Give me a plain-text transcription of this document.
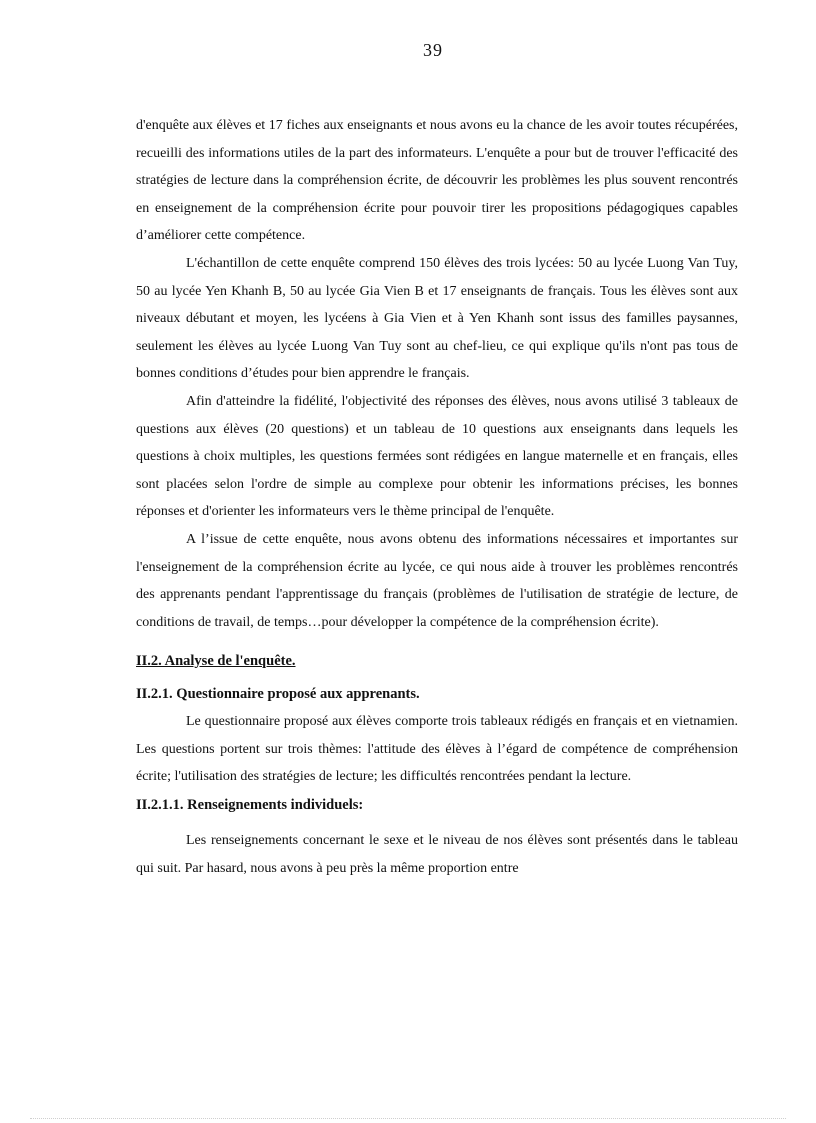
39

d'enquête aux élèves et 17 fiches aux enseignants et nous avons eu la chance de les avoir toutes récupérées, recueilli des informations utiles de la part des informateurs. L'enquête a pour but de trouver l'efficacité des stratégies de lecture dans la compréhension écrite, de découvrir les problèmes les plus souvent rencontrés en enseignement de la compréhension écrite pour pouvoir tirer les propositions pédagogiques capables d’améliorer cette compétence.

L'échantillon de cette enquête comprend 150 élèves des trois lycées: 50 au lycée Luong Van Tuy, 50 au lycée Yen Khanh B, 50 au lycée Gia Vien B et 17 enseignants de français. Tous les élèves sont aux niveaux débutant et moyen, les lycéens à Gia Vien et à Yen Khanh sont issus des familles paysannes, seulement les élèves au lycée Luong Van Tuy sont au chef-lieu, ce qui explique qu'ils n'ont pas tous de bonnes conditions d’études pour bien apprendre le français.

Afin d'atteindre la fidélité, l'objectivité des réponses des élèves, nous avons utilisé 3 tableaux de questions aux élèves (20 questions) et un tableau de 10 questions aux enseignants dans lequels les questions à choix multiples, les questions fermées sont rédigées en langue maternelle et en français, elles sont placées selon l'ordre de simple au complexe pour obtenir les informations précises, les bonnes réponses et d'orienter les informateurs vers le thème principal de l'enquête.

A l’issue de cette enquête, nous avons obtenu des informations nécessaires et importantes sur l'enseignement de la compréhension écrite au lycée, ce qui nous aide à trouver les problèmes rencontrés des apprenants pendant l'apprentissage du français (problèmes de l'utilisation de stratégie de lecture, de conditions de travail, de temps…pour développer la compétence de la compréhension écrite).

II.2. Analyse de l'enquête.
II.2.1. Questionnaire proposé aux apprenants.

Le questionnaire proposé aux élèves comporte trois tableaux rédigés en français et en vietnamien. Les questions portent sur trois thèmes: l'attitude des élèves à l’égard de compétence de compréhension écrite; l'utilisation des stratégies de lecture; les difficultés rencontrées pendant la lecture.

II.2.1.1. Renseignements individuels:

Les renseignements concernant le sexe et le niveau de nos élèves sont présentés dans le tableau qui suit. Par hasard, nous avons à peu près la même proportion entre
